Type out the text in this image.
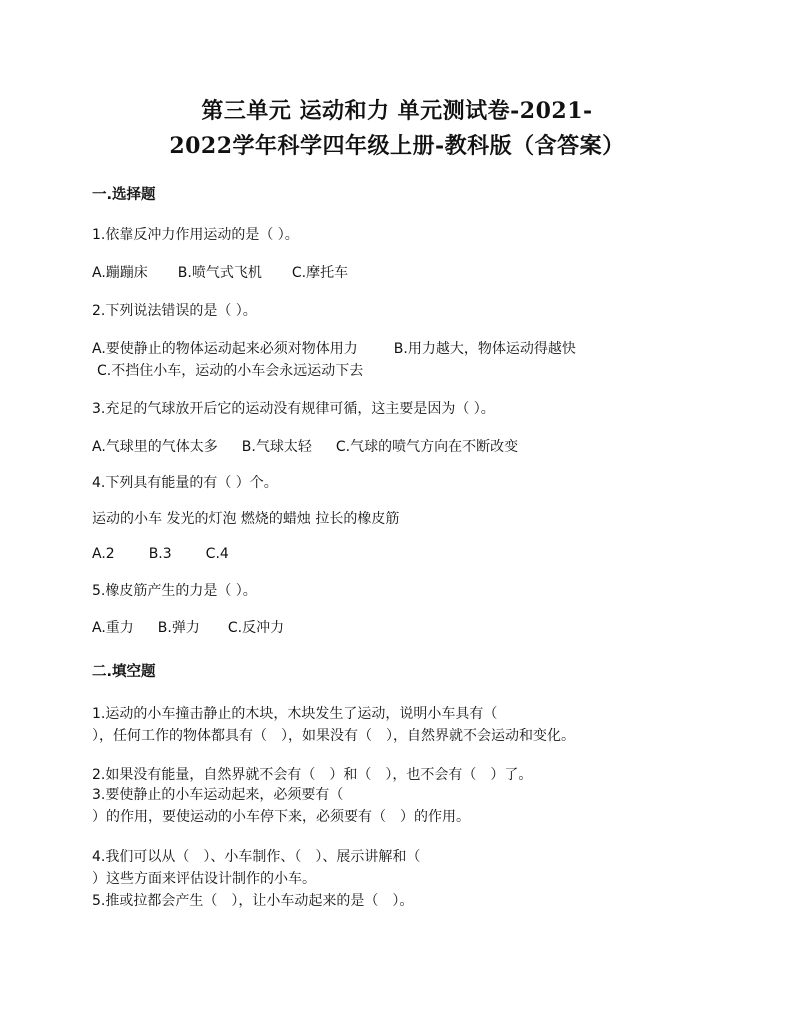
第三单元 运动和力 单元测试卷-2021-
2022学年科学四年级上册-教科版（含答案）
一.选择题
1.依靠反冲力作用运动的是（ ）。
A.蹦蹦床 B.喷气式飞机 C.摩托车
2.下列说法错误的是（ ）。
A.要使静止的物体运动起来必须对物体用力	B.用力越大，物体运动得越快
C.不挡住小车，运动的小车会永远运动下去
3.充足的气球放开后它的运动没有规律可循，这主要是因为（ ）。
A.气球里的气体太多 B.气球太轻 C.气球的喷气方向在不断改变
4.下列具有能量的有（ ）个。
运动的小车 发光的灯泡 燃烧的蜡烛 拉长的橡皮筋
A.2 B.3 C.4
5.橡皮筋产生的力是（ ）。
A.重力 B.弹力 C.反冲力
二.填空题
1.运动的小车撞击静止的木块，木块发生了运动，说明小车具有（
），任何工作的物体都具有（　），如果没有（　），自然界就不会运动和变化。
2.如果没有能量，自然界就不会有（　）和（　），也不会有（　）了。
3.要使静止的小车运动起来，必须要有（
）的作用，要使运动的小车停下来，必须要有（　）的作用。
4.我们可以从（　）、小车制作、（　）、展示讲解和（
）这些方面来评估设计制作的小车。
5.推或拉都会产生（　），让小车动起来的是（　）。
